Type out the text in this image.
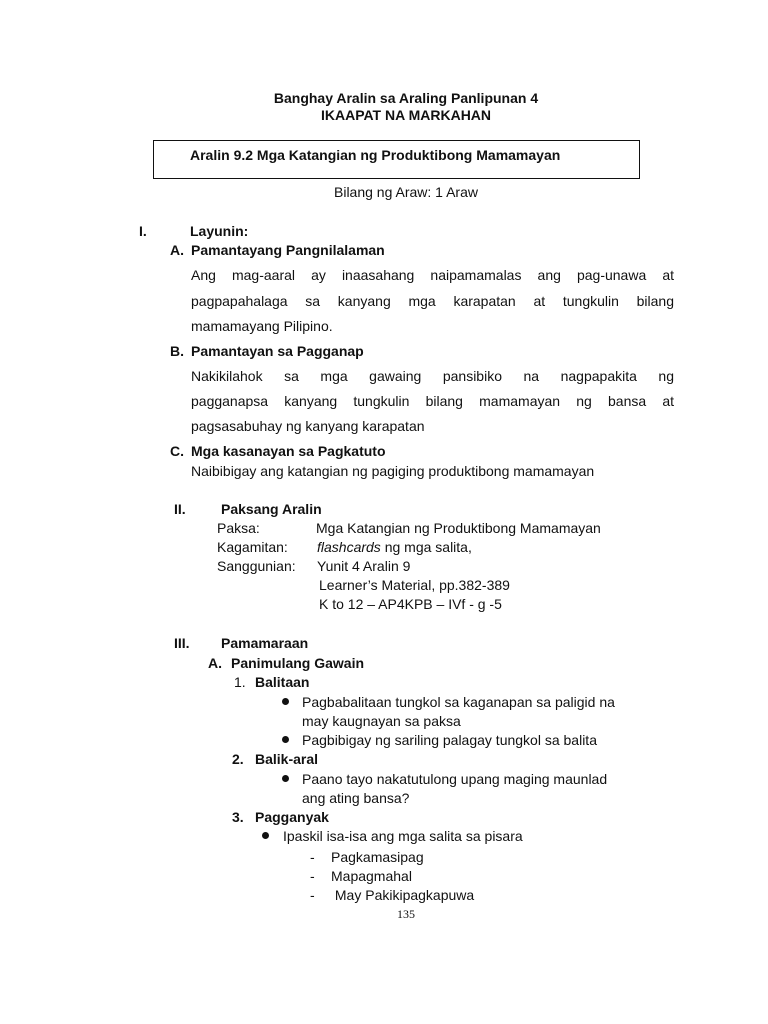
Banghay Aralin sa Araling Panlipunan 4
IKAAPAT NA MARKAHAN
Aralin 9.2 Mga Katangian ng Produktibong Mamamayan
Bilang ng Araw: 1 Araw
I.	Layunin:
A. Pamantayang Pangnilalaman
Ang mag-aaral ay inaasahang naipamamalas ang pag-unawa at
pagpapahalaga sa kanyang mga karapatan at tungkulin bilang
mamamayang Pilipino.
B. Pamantayan sa Pagganap
Nakikilahok sa mga gawaing pansibiko na nagpapakita ng
pagganapsa kanyang tungkulin bilang mamamayan ng bansa at
pagsasabuhay ng kanyang karapatan
C. Mga kasanayan sa Pagkatuto
Naibibigay ang katangian ng pagiging produktibong mamamayan
II.	Paksang Aralin
Paksa:	Mga Katangian ng Produktibong Mamamayan
Kagamitan: flashcards ng mga salita,
Sanggunian: Yunit 4 Aralin 9
Learner’s Material, pp.382-389
K to 12 – AP4KPB – IVf - g -5
III. Pamamaraan
A. Panimulang Gawain
1. Balitaan
Pagbabalitaan tungkol sa kaganapan sa paligid na
may kaugnayan sa paksa
Pagbibigay ng sariling palagay tungkol sa balita
2. Balik-aral
Paano tayo nakatutulong upang maging maunlad
ang ating bansa?
3. Pagganyak
Ipaskil isa-isa ang mga salita sa pisara
- Pagkamasipag
- Mapagmahal
- May Pakikipagkapuwa
135
